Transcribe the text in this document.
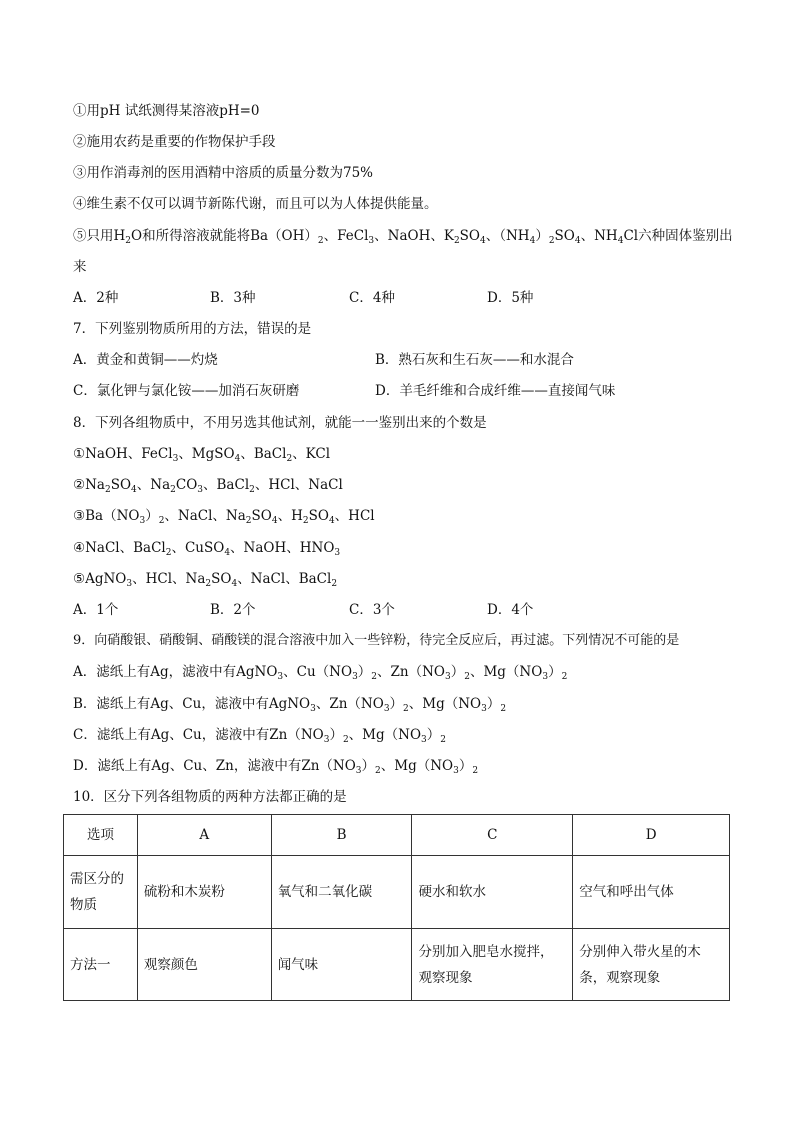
①用pH 试纸测得某溶液pH=0
②施用农药是重要的作物保护手段
③用作消毒剂的医用酒精中溶质的质量分数为75%
④维生素不仅可以调节新陈代谢，而且可以为人体提供能量。
⑤只用$H_2O$和所得溶液就能将$Ba(OH)_2$、FeCl$_3$、NaOH、$K_2SO_4$、$(NH_4)_2SO_4$、$NH_4Cl$六种固体鉴别出
来
A．2种	B．3种	C．4种	D．5种
7．下列鉴别物质所用的方法，错误的是
A．黄金和黄铜——灼烧	B．熟石灰和生石灰——和水混合
C．氯化钾与氯化铵——加消石灰研磨	D．羊毛纤维和合成纤维——直接闻气味
8．下列各组物质中，不用另选其他试剂，就能一一鉴别出来的个数是
①NaOH、FeCl$_3$、MgSO$_4$、BaCl$_2$、KCl
$②Na_2SO_4$、$Na_2CO_3$、BaCl$_2$、HCl、NaCl
$③Ba(NO_3)_2$、NaCl、$Na_2SO_4$、$H_2SO_4$、HCl
④NaCl、BaCl$_2$、CuSO$_4$、NaOH、$HNO_3$
⑤AgNO$_3$、HCl、$Na_2SO_4$、NaCl、BaCl$_2$
A．1个	B．2个	C．3个	D．4个
9．向硝酸银、硝酸铜、硝酸镁的混合溶液中加入一些锌粉，待完全反应后，再过滤。下列情况不可能的是
A．滤纸上有Ag，滤液中有AgNO$_3$、$Cu(NO_3)_2$、$Zn(NO_3)_2$、$Mg(NO_3)_2$
B．滤纸上有Ag、Cu，滤液中有AgNO$_3$、$Zn(NO_3)_2$、$Mg(NO_3)_2$
C．滤纸上有Ag、Cu，滤液中有$Zn(NO_3)_2$、$Mg(NO_3)_2$
D．滤纸上有Ag、Cu、Zn，滤液中有$Zn(NO_3)_2$、$Mg(NO_3)_2$
10．区分下列各组物质的两种方法都正确的是
选项	A	B	C	D
需区分的物质	硫粉和木炭粉	氧气和二氧化碳	硬水和软水	空气和呼出气体
方法一	观察颜色	闻气味	分别加入肥皂水搅拌，观察现象	分别伸入带火星的木条，观察现象
